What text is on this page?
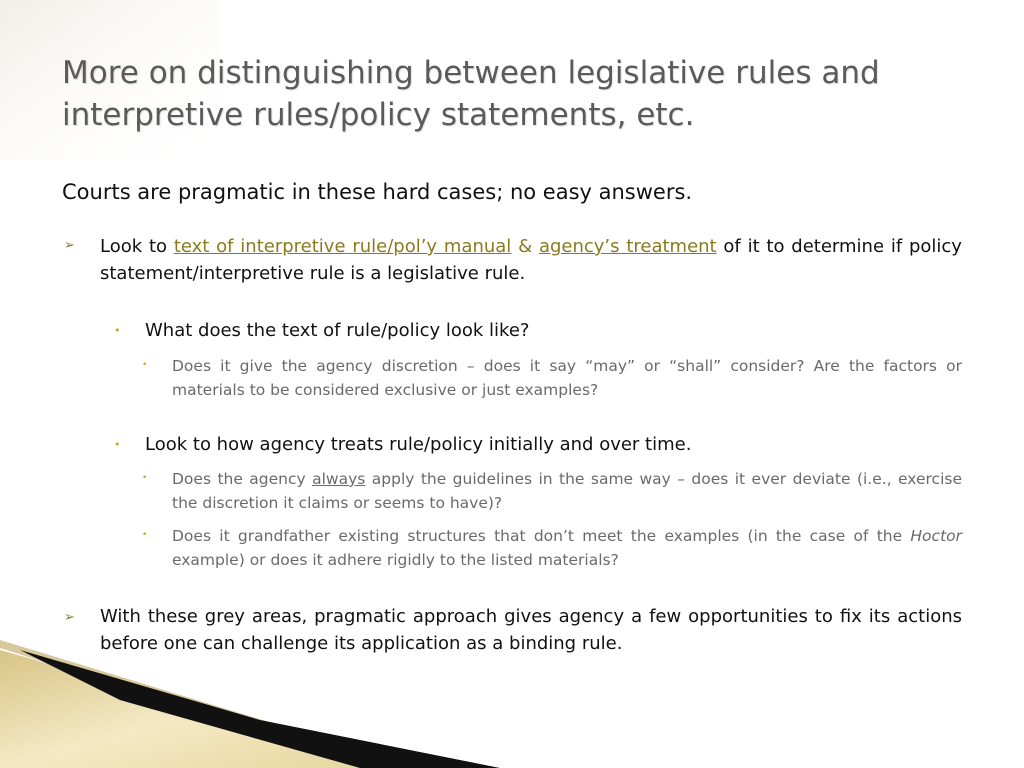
More on distinguishing between legislative rules and interpretive rules/policy statements, etc.

Courts are pragmatic in these hard cases; no easy answers.

➢ Look to text of interpretive rule/pol’y manual & agency’s treatment of it to determine if policy statement/interpretive rule is a legislative rule.
• What does the text of rule/policy look like?
• Does it give the agency discretion – does it say “may” or “shall” consider? Are the factors or materials to be considered exclusive or just examples?
• Look to how agency treats rule/policy initially and over time.
• Does the agency always apply the guidelines in the same way – does it ever deviate (i.e., exercise the discretion it claims or seems to have)?
• Does it grandfather existing structures that don’t meet the examples (in the case of the Hoctor example) or does it adhere rigidly to the listed materials?
➢ With these grey areas, pragmatic approach gives agency a few opportunities to fix its actions before one can challenge its application as a binding rule.
